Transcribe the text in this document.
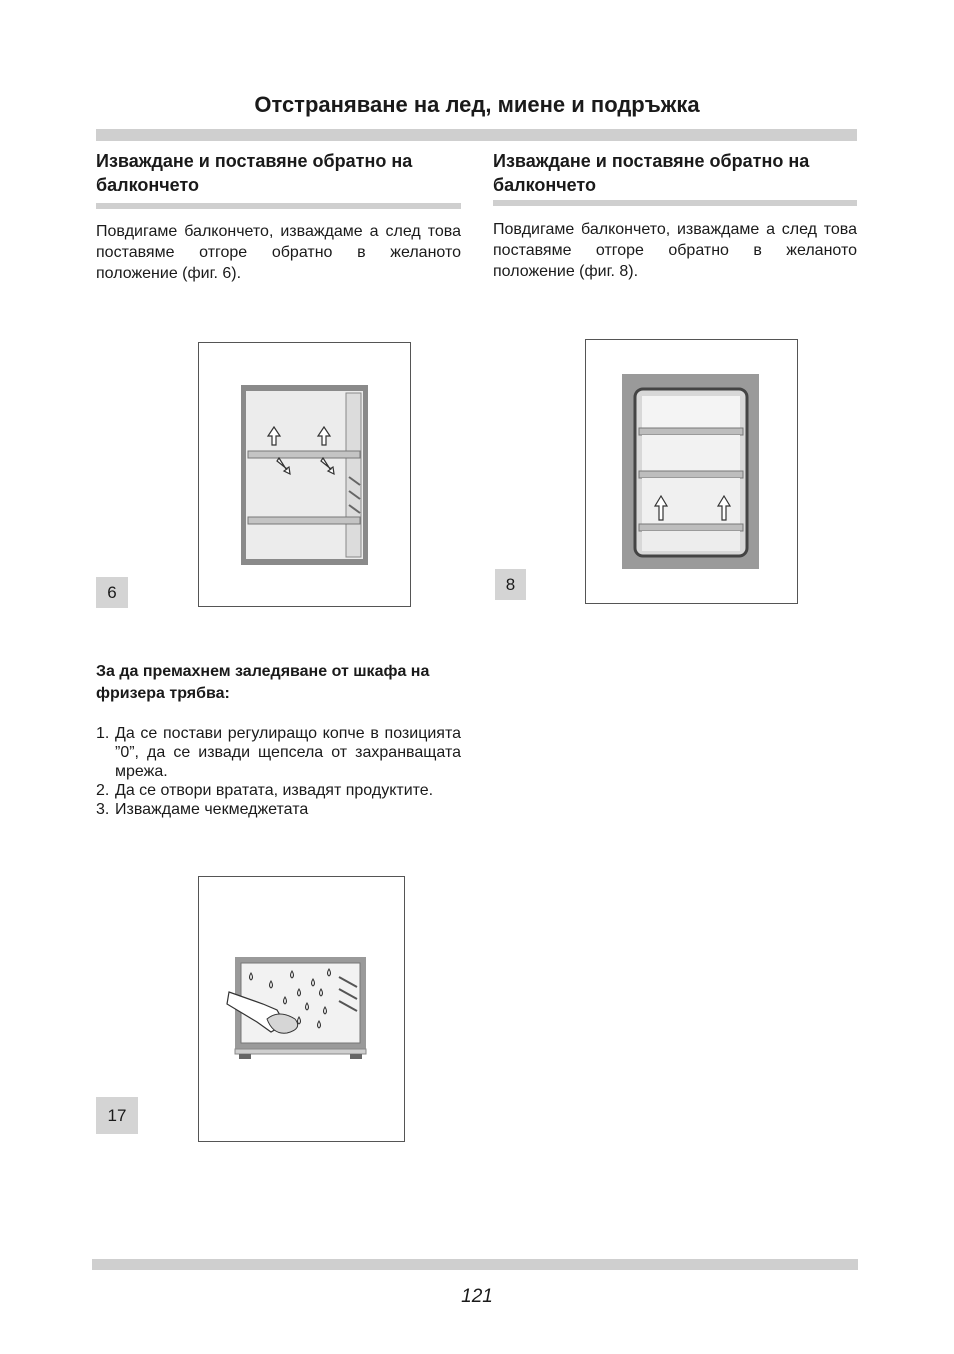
Отстраняване на лед, миене и подръжка
Изваждане и поставяне обратно на балкончето
Повдигаме балкончето, изваждаме а след това поставяме отгоре обратно в желаното положение (фиг. 6).
6
Изваждане и поставяне обратно на балкончето
Повдигаме балкончето, изваждаме а след това поставяме отгоре обратно в желаното положение (фиг. 8).
8
За да премахнем заледяване от шкафа на фризера трябва:
1. Да се постави регулиращо копче в позицията ”0”, да се извади щепсела от захранващата мрежа.
2. Да се отвори вратата, извадят продуктите.
3. Изваждаме чекмеджетата
17
121
